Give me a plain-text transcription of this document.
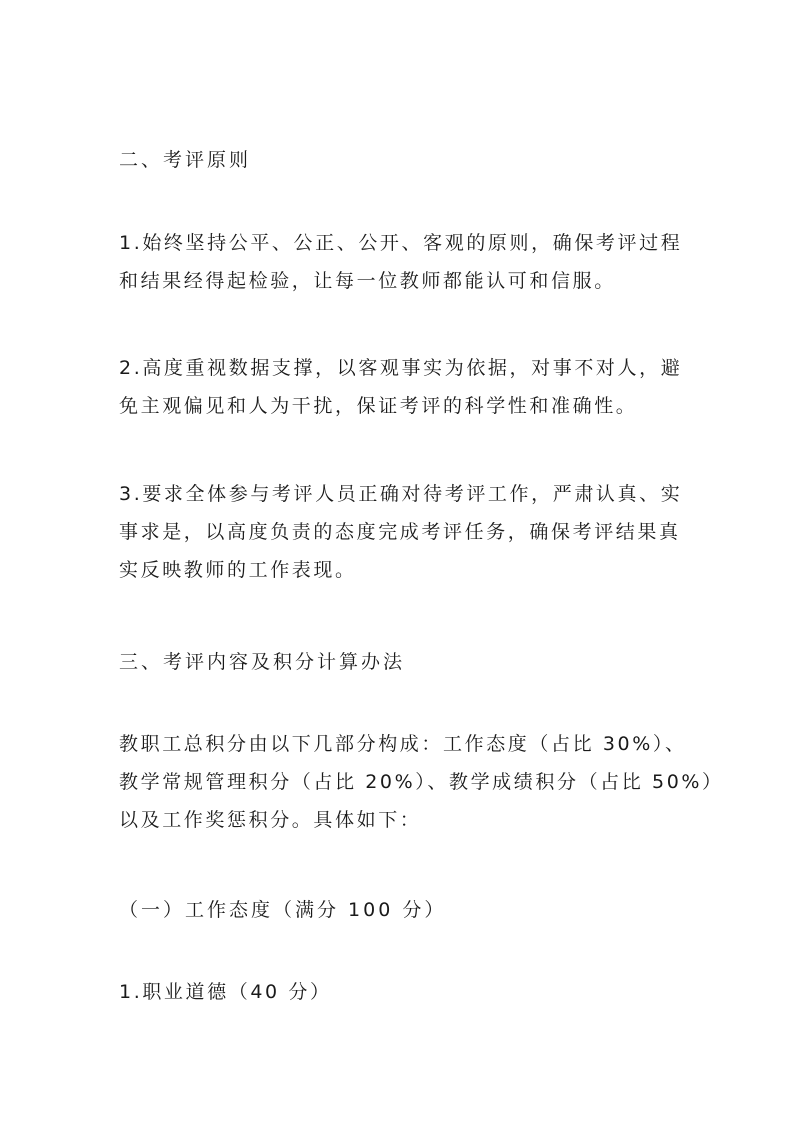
二、考评原则

1.始终坚持公平、公正、公开、客观的原则，确保考评过程
和结果经得起检验，让每一位教师都能认可和信服。

2.高度重视数据支撑，以客观事实为依据，对事不对人，避
免主观偏见和人为干扰，保证考评的科学性和准确性。

3.要求全体参与考评人员正确对待考评工作，严肃认真、实
事求是，以高度负责的态度完成考评任务，确保考评结果真
实反映教师的工作表现。

三、考评内容及积分计算办法

教职工总积分由以下几部分构成：工作态度（占比 30%）、
教学常规管理积分（占比 20%）、教学成绩积分（占比 50%）
以及工作奖惩积分。具体如下：

（一）工作态度（满分 100 分）

1.职业道德（40 分）
